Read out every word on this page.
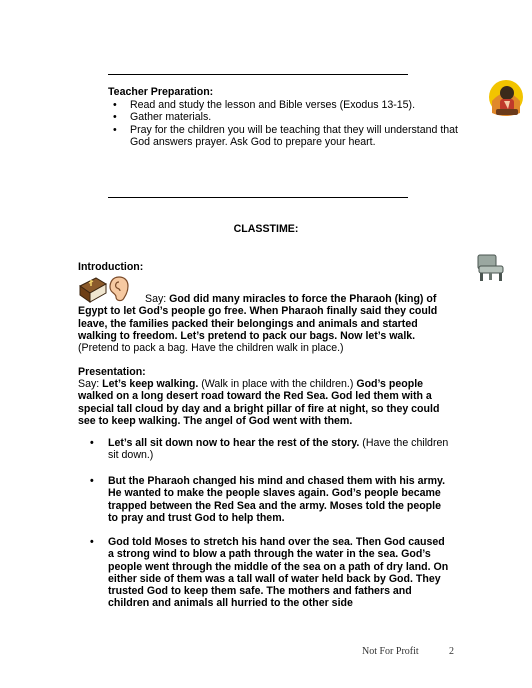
Teacher Preparation:
• Read and study the lesson and Bible verses (Exodus 13-15).
• Gather materials.
• Pray for the children you will be teaching that they will understand that God answers prayer. Ask God to prepare your heart.
CLASSTIME:
Introduction:
Say: God did many miracles to force the Pharaoh (king) of Egypt to let God’s people go free. When Pharaoh finally said they could leave, the families packed their belongings and animals and started walking to freedom. Let’s pretend to pack our bags. Now let’s walk. (Pretend to pack a bag. Have the children walk in place.)
Presentation:
Say: Let’s keep walking. (Walk in place with the children.) God’s people walked on a long desert road toward the Red Sea. God led them with a special tall cloud by day and a bright pillar of fire at night, so they could see to keep walking. The angel of God went with them.
• Let’s all sit down now to hear the rest of the story. (Have the children sit down.)
• But the Pharaoh changed his mind and chased them with his army. He wanted to make the people slaves again. God’s people became trapped between the Red Sea and the army. Moses told the people to pray and trust God to help them.
• God told Moses to stretch his hand over the sea. Then God caused a strong wind to blow a path through the water in the sea. God’s people went through the middle of the sea on a path of dry land. On either side of them was a tall wall of water held back by God. They trusted God to keep them safe. The mothers and fathers and children and animals all hurried to the other side
Not For Profit	2
